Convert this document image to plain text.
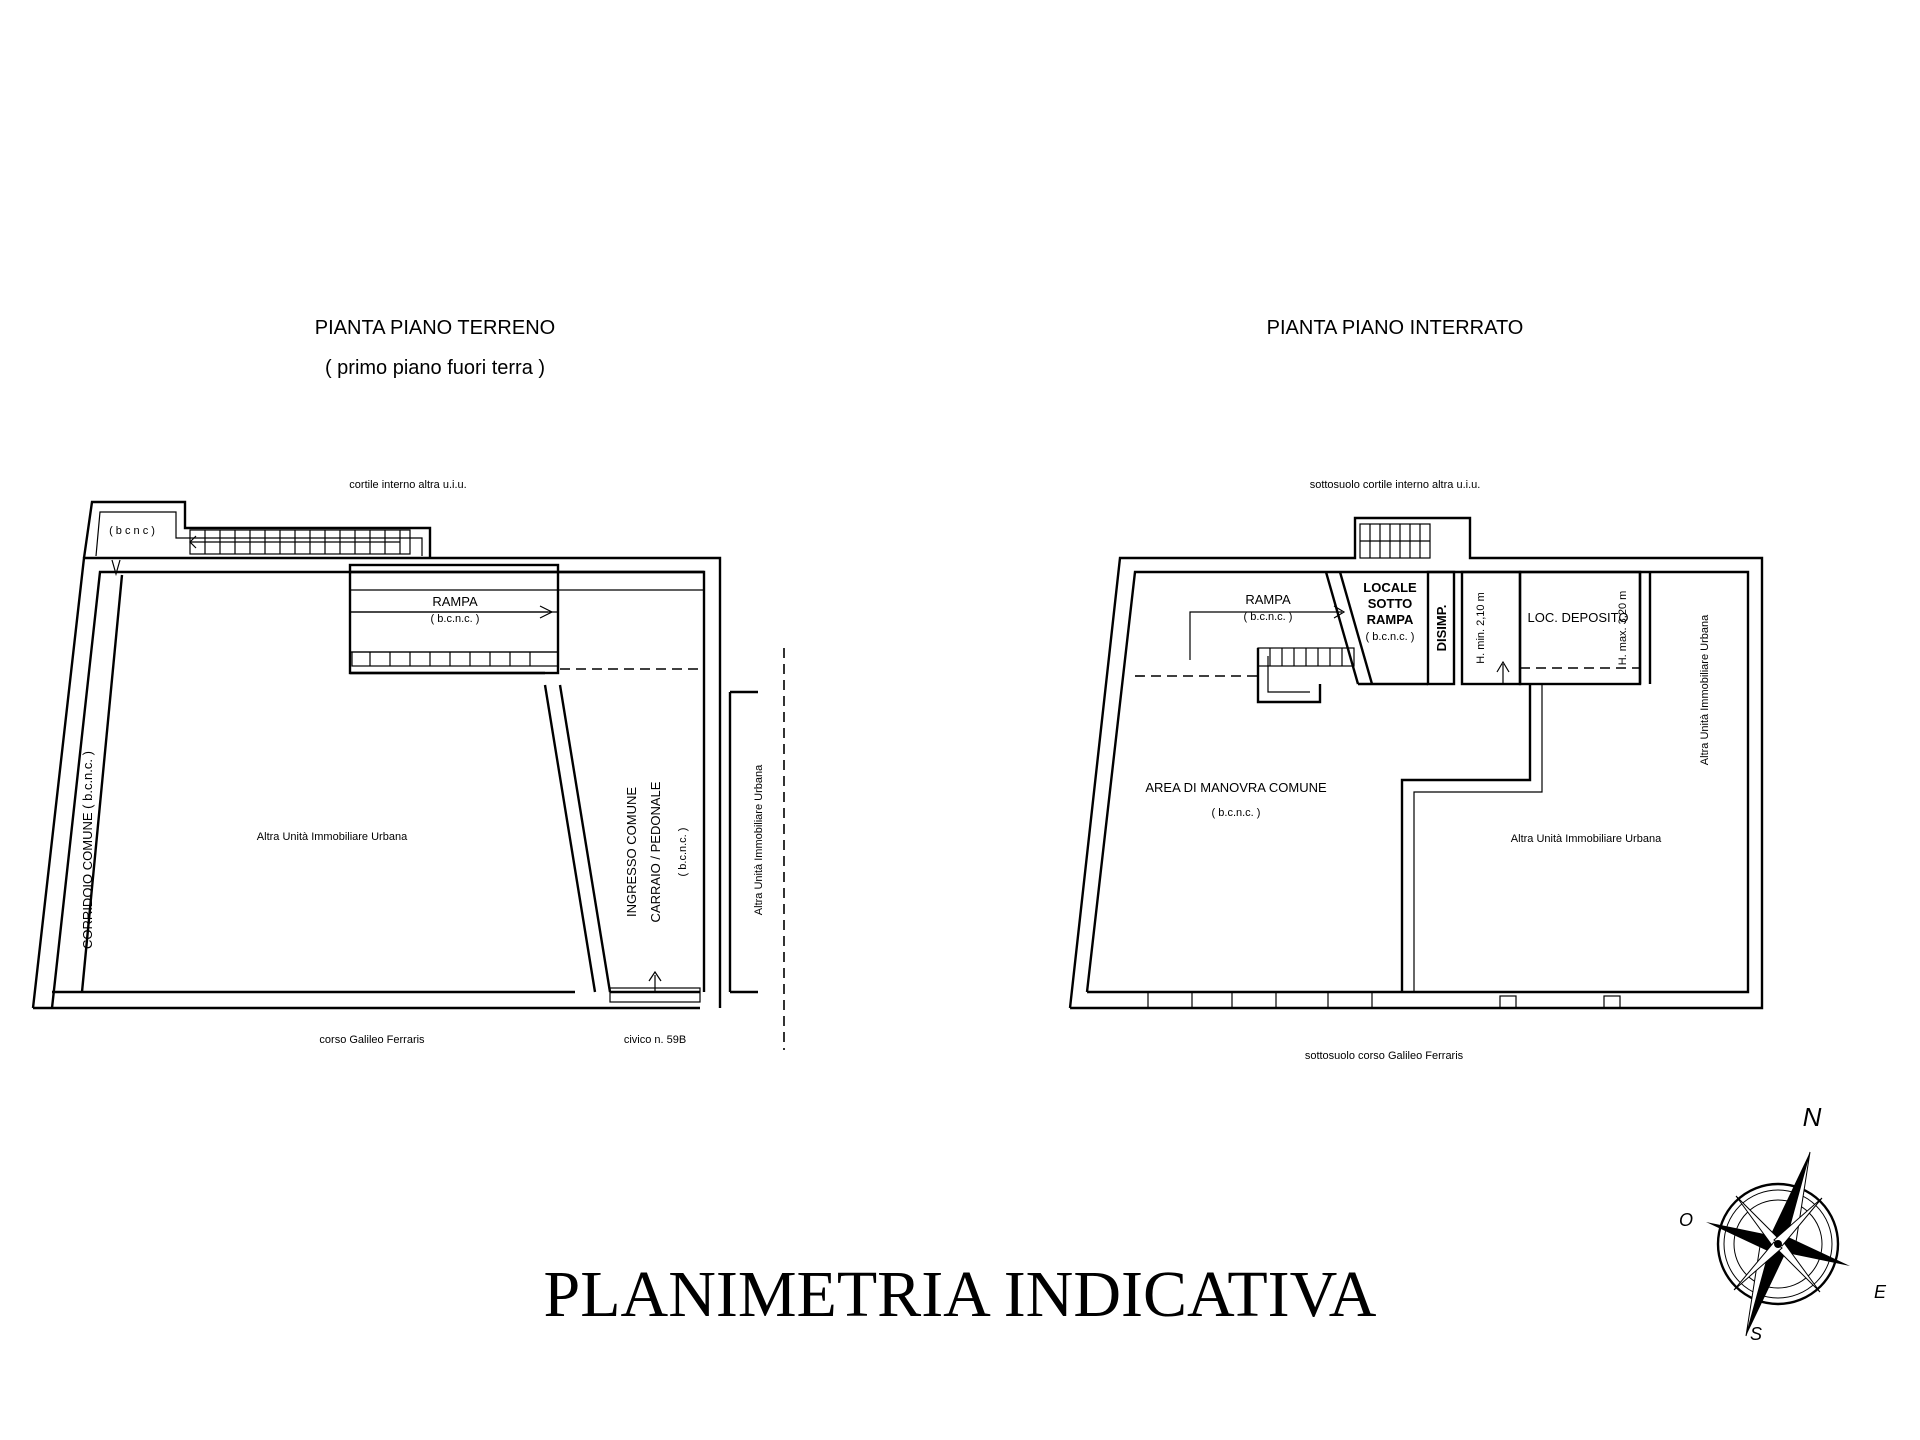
PIANTA PIANO TERRENO
( primo piano fuori terra )
cortile interno altra u.i.u.
( b c n c )
RAMPA
( b.c.n.c. )
CORRIDOIO COMUNE ( b.c.n.c. )	Altra Unità Immobiliare Urbana	INGRESSO COMUNE CARRAIO / PEDONALE ( b.c.n.c. )	Altra Unità Immobiliare Urbana
corso Galileo Ferraris	civico n. 59B
PIANTA PIANO INTERRATO
sottosuolo cortile interno altra u.i.u.
RAMPA
( b.c.n.c. )
LOCALE
SOTTO
RAMPA
( b.c.n.c. ) DISIMP. H. min. 2,10 m	LOC. DEPOSITO
H. max. 3,20 m
AREA DI MANOVRA COMUNE
( b.c.n.c. )
Altra Unità Immobiliare Urbana
Altra Unità Immobiliare Urbana
sottosuolo corso Galileo Ferraris
PLANIMETRIA INDICATIVA
N
E
S
O
